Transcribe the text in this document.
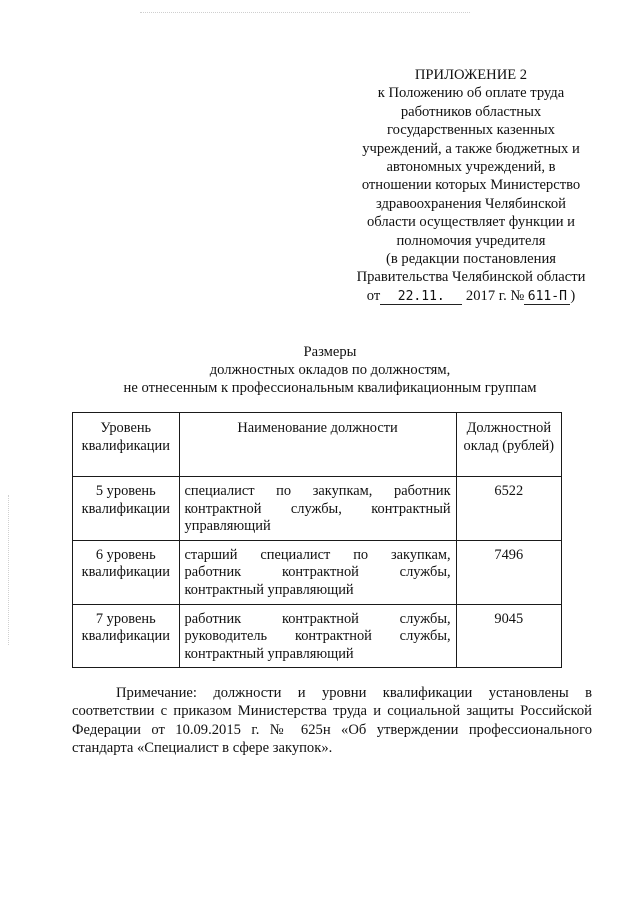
ПРИЛОЖЕНИЕ 2
к Положению об оплате труда
работников областных
государственных казенных
учреждений, а также бюджетных и
автономных учреждений, в
отношении которых Министерство
здравоохранения Челябинской
области осуществляет функции и
полномочия учредителя
(в редакции постановления
Правительства Челябинской области
от 22.11. 2017 г. № 611-П )
Размеры
должностных окладов по должностям,
не отнесенным к профессиональным квалификационным группам
Уровень квалификации	Наименование должности	Должностной оклад (рублей)
5 уровень квалификации	специалист по закупкам, работник контрактной службы, контрактный управляющий	6522
6 уровень квалификации	старший специалист по закупкам, работник контрактной службы, контрактный управляющий	7496
7 уровень квалификации	работник контрактной службы, руководитель контрактной службы, контрактный управляющий	9045
Примечание: должности и уровни квалификации установлены в соответствии с приказом Министерства труда и социальной защиты Российской Федерации от 10.09.2015 г. № 625н «Об утверждении профессионального стандарта «Специалист в сфере закупок».
